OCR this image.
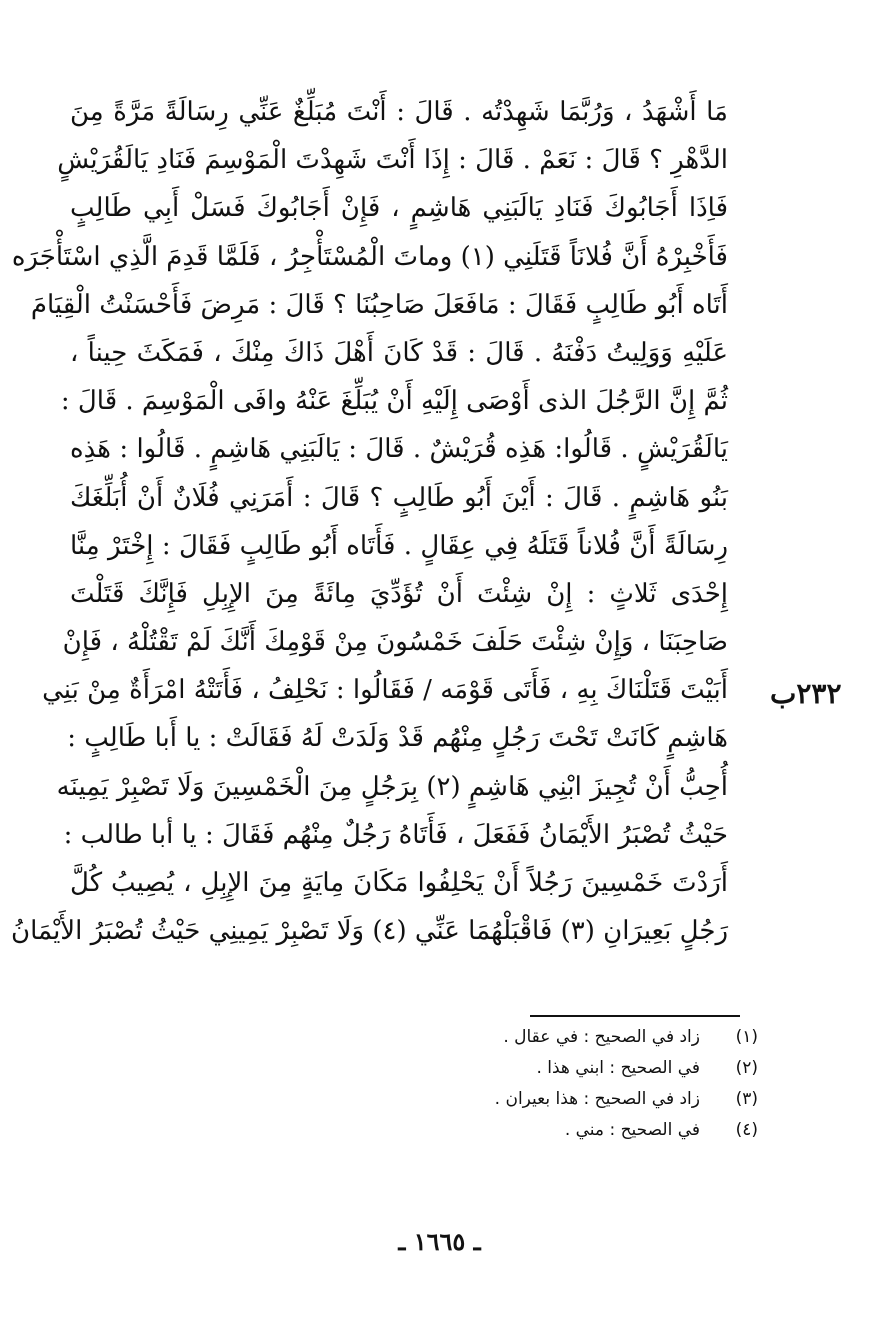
مَا أَشْهَدُ ، وَرُبَّمَا شَهِدْتُه . قَالَ : أَنْتَ مُبَلِّغٌ عَنِّي رِسَالَةً مَرَّةً مِنَ
الدَّهْرِ ؟ قَالَ : نَعَمْ . قَالَ : إِذَا أَنْتَ شَهِدْتَ الْمَوْسِمَ فَنَادِ يَالَقُرَيْشٍ
فَاِذَا أَجَابُوكَ فَنَادِ يَالَبَنِي هَاشِمٍ ، فَإِنْ أَجَابُوكَ فَسَلْ أَبِي طَالِبٍ
فَأَخْبِرْهُ أَنَّ فُلانَاً قَتَلَنِي (١) وماتَ الْمُسْتَأْجِرُ ، فَلَمَّا قَدِمَ الَّذِي اسْتَأْجَرَه
أَتَاه أَبُو طَالِبٍ فَقَالَ : مَافَعَلَ صَاحِبُنَا ؟ قَالَ : مَرِضَ فَأَحْسَنْتُ الْقِيَامَ
عَلَيْهِ وَوَلِيتُ دَفْنَهُ . قَالَ : قَدْ كَانَ أَهْلَ ذَاكَ مِنْكَ ، فَمَكَثَ حِيناً ،
ثُمَّ إِنَّ الرَّجُلَ الذى أَوْصَى إِلَيْهِ أَنْ يُبَلِّغَ عَنْهُ وافَى الْمَوْسِمَ . قَالَ :
يَالَقُرَيْشٍ . قَالُوا: هَذِه قُرَيْشٌ . قَالَ : يَالَبَنِي هَاشِمٍ . قَالُوا : هَذِه
بَنُو هَاشِمٍ . قَالَ : أَيْنَ أَبُو طَالِبٍ ؟ قَالَ : أَمَرَنِي فُلَانٌ أَنْ أُبَلِّغَكَ
رِسَالَةً أَنَّ فُلاناً قَتَلَهُ فِي عِقَالٍ . فَأَتَاه أَبُو طَالِبٍ فَقَالَ : إِخْتَرْ مِنَّا
إِحْدَى ثَلاثٍ : إِنْ شِئْتَ أَنْ تُؤَدِّيَ مِائَةً مِنَ الإِبِلِ فَإِنَّكَ قَتَلْتَ
صَاحِبَنَا ، وَإِنْ شِئْتَ حَلَفَ خَمْسُونَ مِنْ قَوْمِكَ أَنَّكَ لَمْ تَقْتُلْهُ ، فَإِنْ
أَبَيْتَ قَتَلْنَاكَ بِهِ ، فَأَتَى قَوْمَه / فَقَالُوا : نَحْلِفُ ، فَأَتَتْهُ امْرَأَةٌ مِنْ بَنِي
هَاشِمٍ كَانَتْ تَحْتَ رَجُلٍ مِنْهُم قَدْ وَلَدَتْ لَهُ فَقَالَتْ : يا أَبا طَالِبٍ :
أُحِبُّ أَنْ تُجِيزَ ابْنِي هَاشِمٍ (٢) بِرَجُلٍ مِنَ الْخَمْسِينَ وَلَا تَصْبِرْ يَمِينَه
حَيْثُ تُصْبَرُ الأَيْمَانُ فَفَعَلَ ، فَأَتَاهُ رَجُلٌ مِنْهُم فَقَالَ : يا أبا طالب :
أَرَدْتَ خَمْسِينَ رَجُلاً أَنْ يَحْلِفُوا مَكَانَ مِايَةٍ مِنَ الإِبِلِ ، يُصِيبُ كُلَّ
رَجُلٍ بَعِيرَانِ (٣) فَاقْبَلْهُمَا عَنِّي (٤) وَلَا تَصْبِرْ يَمِينِي حَيْثُ تُصْبَرُ الأَيْمَانُ
٢٣٢ب
(١)زاد في الصحيح : في عقال .
(٢)في الصحيح : ابني هذا .
(٣)زاد في الصحيح : هذا بعيران .
(٤)في الصحيح : مني .
ـ ١٦٦٥ ـ
